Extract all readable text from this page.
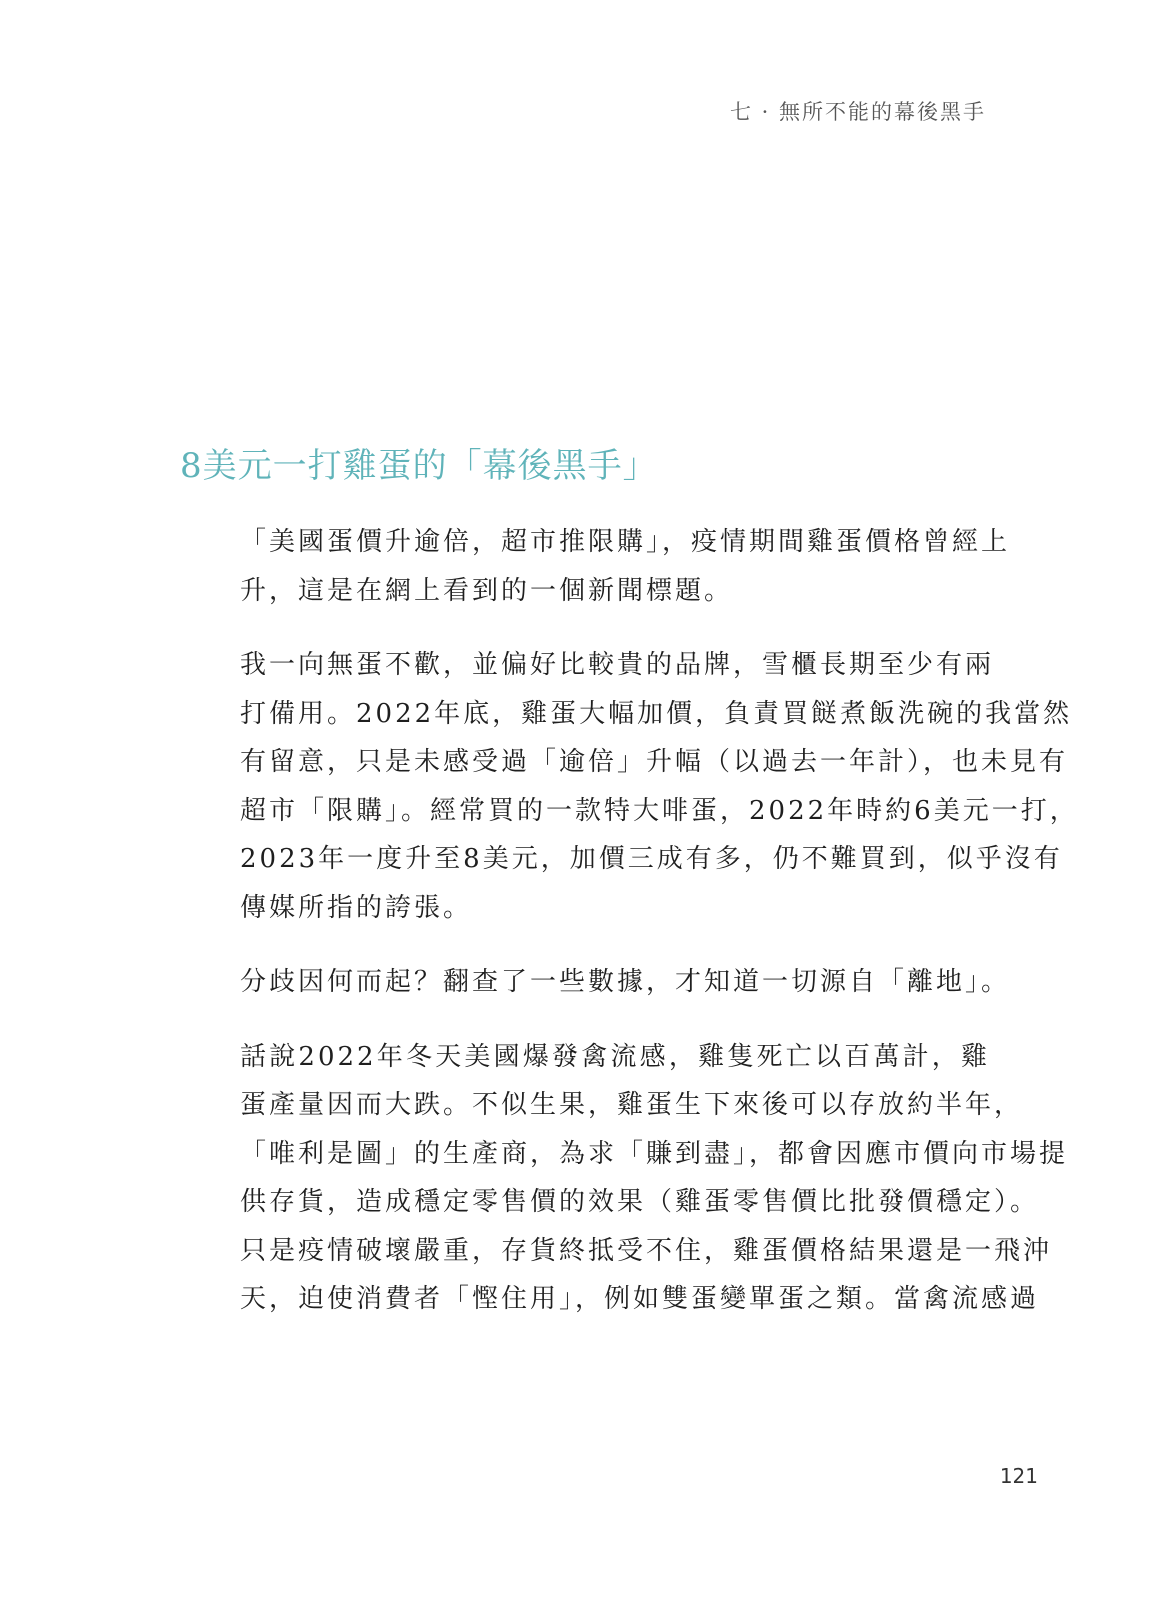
七 · 無所不能的幕後黑手
8美元一打雞蛋的「幕後黑手」

「美國蛋價升逾倍，超市推限購」，疫情期間雞蛋價格曾經上
升，這是在網上看到的一個新聞標題。

我一向無蛋不歡，並偏好比較貴的品牌，雪櫃長期至少有兩
打備用。2022年底，雞蛋大幅加價，負責買餸煮飯洗碗的我當然
有留意，只是未感受過「逾倍」升幅（以過去一年計），也未見有
超市「限購」。經常買的一款特大啡蛋，2022年時約6美元一打，
2023年一度升至8美元，加價三成有多，仍不難買到，似乎沒有
傳媒所指的誇張。

分歧因何而起？翻查了一些數據，才知道一切源自「離地」。

話說2022年冬天美國爆發禽流感，雞隻死亡以百萬計，雞
蛋產量因而大跌。不似生果，雞蛋生下來後可以存放約半年，
「唯利是圖」的生產商，為求「賺到盡」，都會因應市價向市場提
供存貨，造成穩定零售價的效果（雞蛋零售價比批發價穩定）。
只是疫情破壞嚴重，存貨終抵受不住，雞蛋價格結果還是一飛沖
天，迫使消費者「慳住用」，例如雙蛋變單蛋之類。當禽流感過

121
